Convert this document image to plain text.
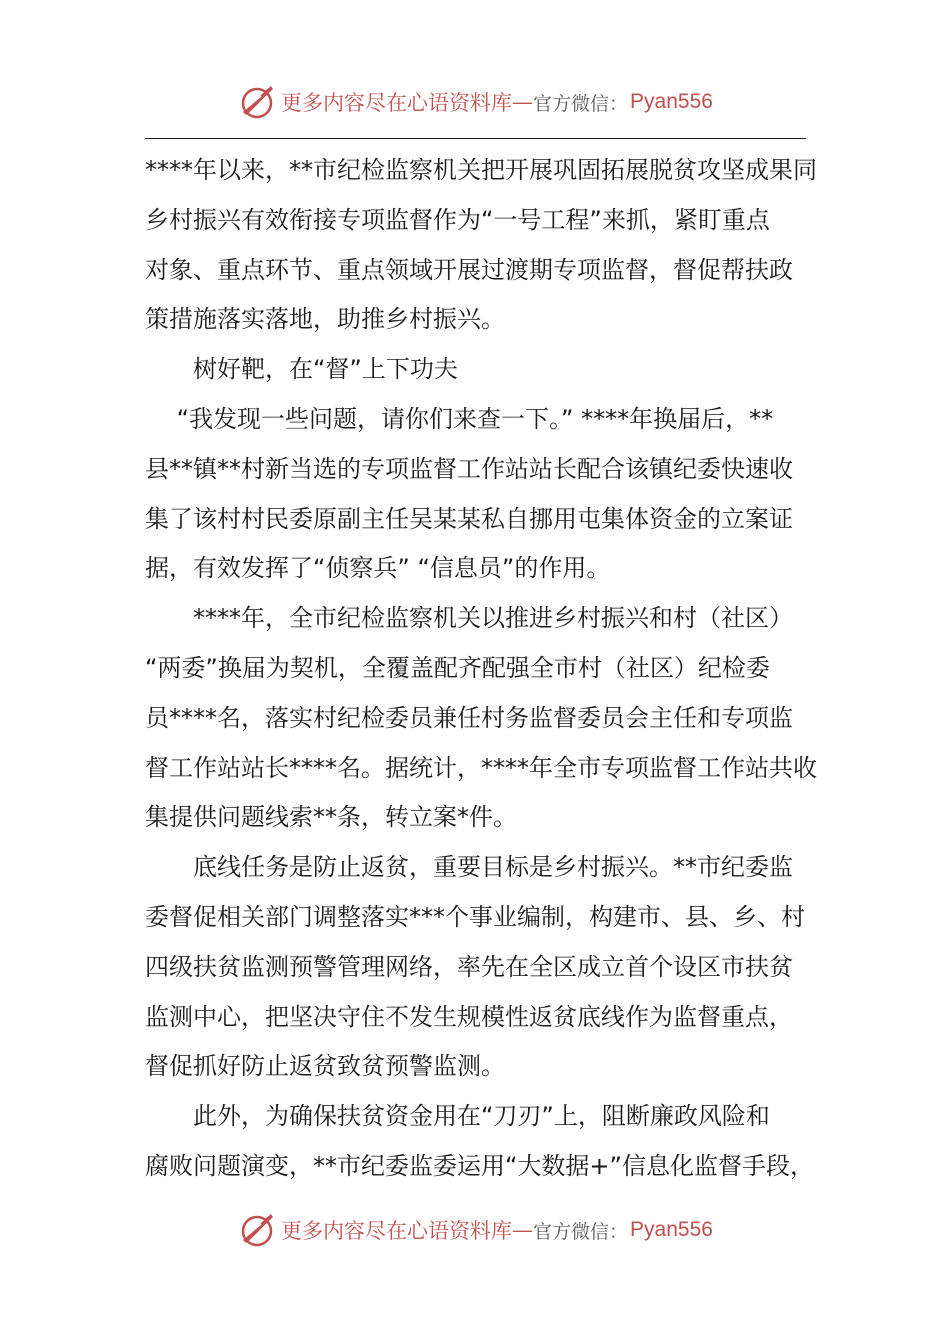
更多内容尽在心语资料库 — 官方微信： Pyan556

****年以来，**市纪检监察机关把开展巩固拓展脱贫攻坚成果同

乡村振兴有效衔接专项监督作为“一号工程”来抓，紧盯重点

对象、重点环节、重点领域开展过渡期专项监督，督促帮扶政

策措施落实落地，助推乡村振兴。

　　树好靶，在“督”上下功夫

　 “我发现一些问题，请你们来查一下。” ****年换届后，**

县**镇**村新当选的专项监督工作站站长配合该镇纪委快速收

集了该村村民委原副主任吴某某私自挪用屯集体资金的立案证

据，有效发挥了“侦察兵” “信息员”的作用。

　　****年，全市纪检监察机关以推进乡村振兴和村（社区）

“两委”换届为契机，全覆盖配齐配强全市村（社区）纪检委

员****名，落实村纪检委员兼任村务监督委员会主任和专项监

督工作站站长****名。据统计，****年全市专项监督工作站共收

集提供问题线索**条，转立案*件。

　　底线任务是防止返贫，重要目标是乡村振兴。**市纪委监

委督促相关部门调整落实***个事业编制，构建市、县、乡、村

四级扶贫监测预警管理网络，率先在全区成立首个设区市扶贫

监测中心，把坚决守住不发生规模性返贫底线作为监督重点，

督促抓好防止返贫致贫预警监测。

　　此外，为确保扶贫资金用在“刀刃”上，阻断廉政风险和

腐败问题演变，**市纪委监委运用“大数据+”信息化监督手段，

更多内容尽在心语资料库 — 官方微信： Pyan556
